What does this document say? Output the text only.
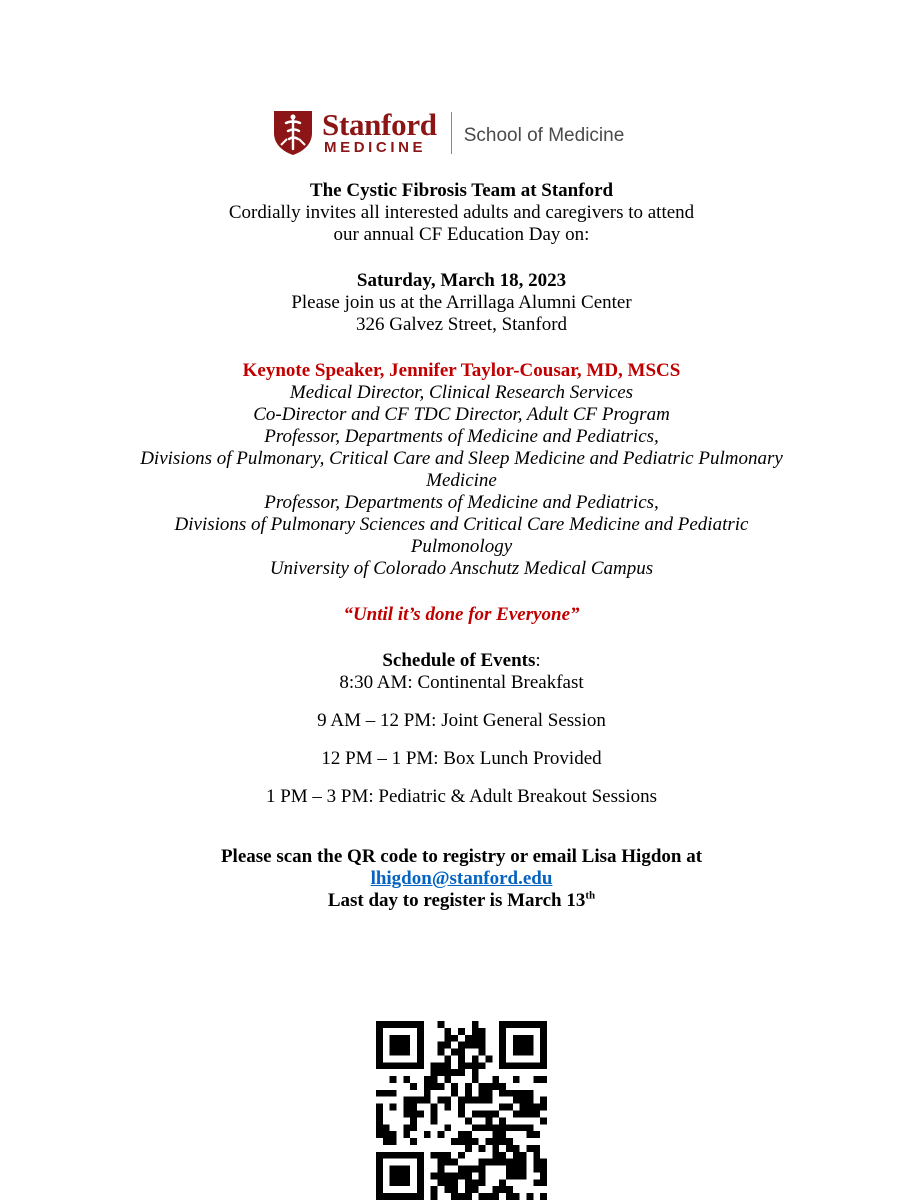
Stanford
MEDICINE
School of Medicine
The Cystic Fibrosis Team at Stanford
Cordially invites all interested adults and caregivers to attend
our annual CF Education Day on:
Saturday, March 18, 2023
Please join us at the Arrillaga Alumni Center
326 Galvez Street, Stanford
Keynote Speaker, Jennifer Taylor-Cousar, MD, MSCS
Medical Director, Clinical Research Services
Co-Director and CF TDC Director, Adult CF Program
Professor, Departments of Medicine and Pediatrics,
Divisions of Pulmonary, Critical Care and Sleep Medicine and Pediatric Pulmonary
Medicine
Professor, Departments of Medicine and Pediatrics,
Divisions of Pulmonary Sciences and Critical Care Medicine and Pediatric
Pulmonology
University of Colorado Anschutz Medical Campus
“Until it’s done for Everyone”
Schedule of Events:
8:30 AM: Continental Breakfast
9 AM – 12 PM: Joint General Session
12 PM – 1 PM: Box Lunch Provided
1 PM – 3 PM: Pediatric & Adult Breakout Sessions
Please scan the QR code to registry or email Lisa Higdon at
lhigdon@stanford.edu
Last day to register is March 13th
